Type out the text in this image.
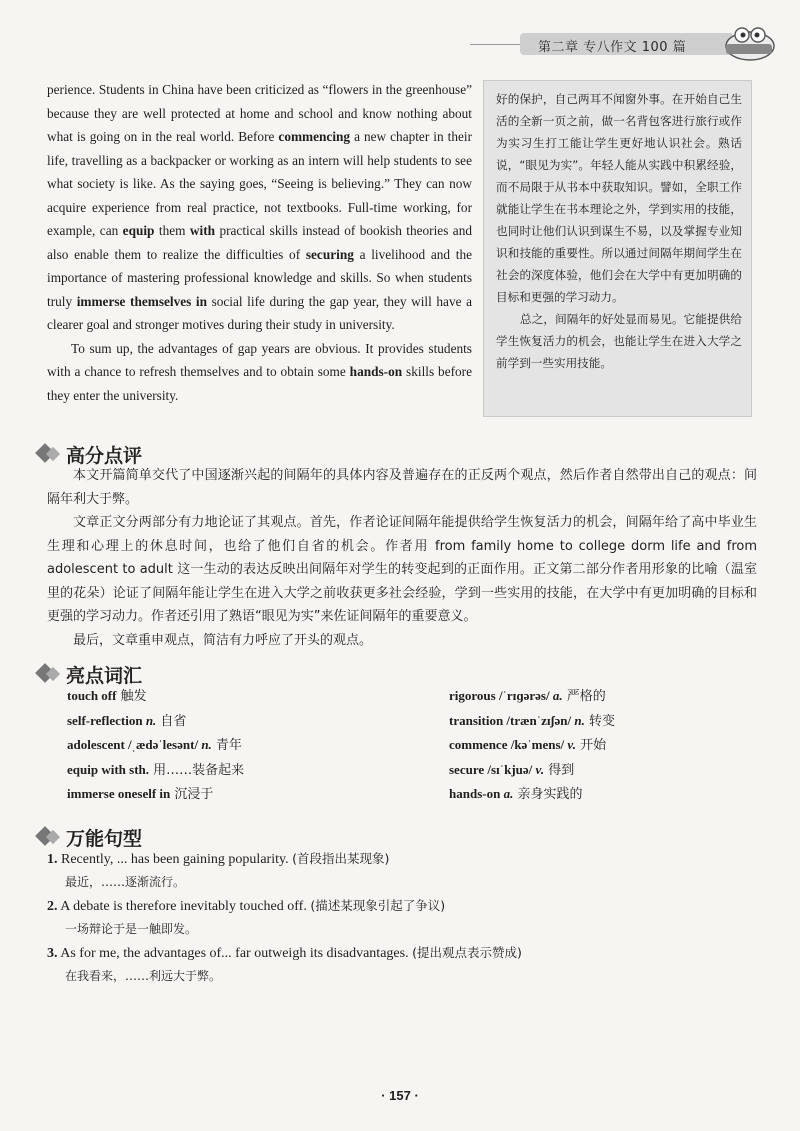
第二章 专八作文 100 篇

perience. Students in China have been criticized as “flowers in the greenhouse” because they are well protected at home and school and know nothing about what is going on in the real world. Before commencing a new chapter in their life, travelling as a backpacker or working as an intern will help students to see what society is like. As the saying goes, “Seeing is believing.” They can now acquire experience from real practice, not textbooks. Full-time working, for example, can equip them with practical skills instead of bookish theories and also enable them to realize the difficulties of securing a livelihood and the importance of mastering professional knowledge and skills. So when students truly immerse themselves in social life during the gap year, they will have a clearer goal and stronger motives during their study in university.

To sum up, the advantages of gap years are obvious. It provides students with a chance to refresh themselves and to obtain some hands-on skills before they enter the university.

好的保护，自己两耳不闻窗外事。在开始自己生活的全新一页之前，做一名背包客进行旅行或作为实习生打工能让学生更好地认识社会。熟话说，“眼见为实”。年轻人能从实践中积累经验，而不局限于从书本中获取知识。譬如，全职工作就能让学生在书本理论之外，学到实用的技能，也同时让他们认识到谋生不易，以及掌握专业知识和技能的重要性。所以通过间隔年期间学生在社会的深度体验，他们会在大学中有更加明确的目标和更强的学习动力。

总之，间隔年的好处显而易见。它能提供给学生恢复活力的机会，也能让学生在进入大学之前学到一些实用技能。

高分点评

本文开篇简单交代了中国逐渐兴起的间隔年的具体内容及普遍存在的正反两个观点，然后作者自然带出自己的观点：间隔年利大于弊。

文章正文分两部分有力地论证了其观点。首先，作者论证间隔年能提供给学生恢复活力的机会，间隔年给了高中毕业生生理和心理上的休息时间，也给了他们自省的机会。作者用 from family home to college dorm life and from adolescent to adult 这一生动的表达反映出间隔年对学生的转变起到的正面作用。正文第二部分作者用形象的比喻（温室里的花朵）论证了间隔年能让学生在进入大学之前收获更多社会经验，学到一些实用的技能，在大学中有更加明确的目标和更强的学习动力。作者还引用了熟语“眼见为实”来佐证间隔年的重要意义。

最后，文章重申观点，简洁有力呼应了开头的观点。

亮点词汇
touch off 触发
self-reflection n. 自省
adolescent /ˌædəˈlesənt/ n. 青年
equip with sth. 用……装备起来
immerse oneself in 沉浸于
rigorous /ˈrɪɡərəs/ a. 严格的
transition /trænˈzɪʃən/ n. 转变
commence /kəˈmens/ v. 开始
secure /sɪˈkjuə/ v. 得到
hands-on a. 亲身实践的
万能句型
1. Recently, ... has been gaining popularity. (首段指出某现象)
最近，……逐渐流行。
2. A debate is therefore inevitably touched off. (描述某现象引起了争议)
一场辩论于是一触即发。
3. As for me, the advantages of... far outweigh its disadvantages. (提出观点表示赞成)
在我看来，……利远大于弊。
· 157 ·
